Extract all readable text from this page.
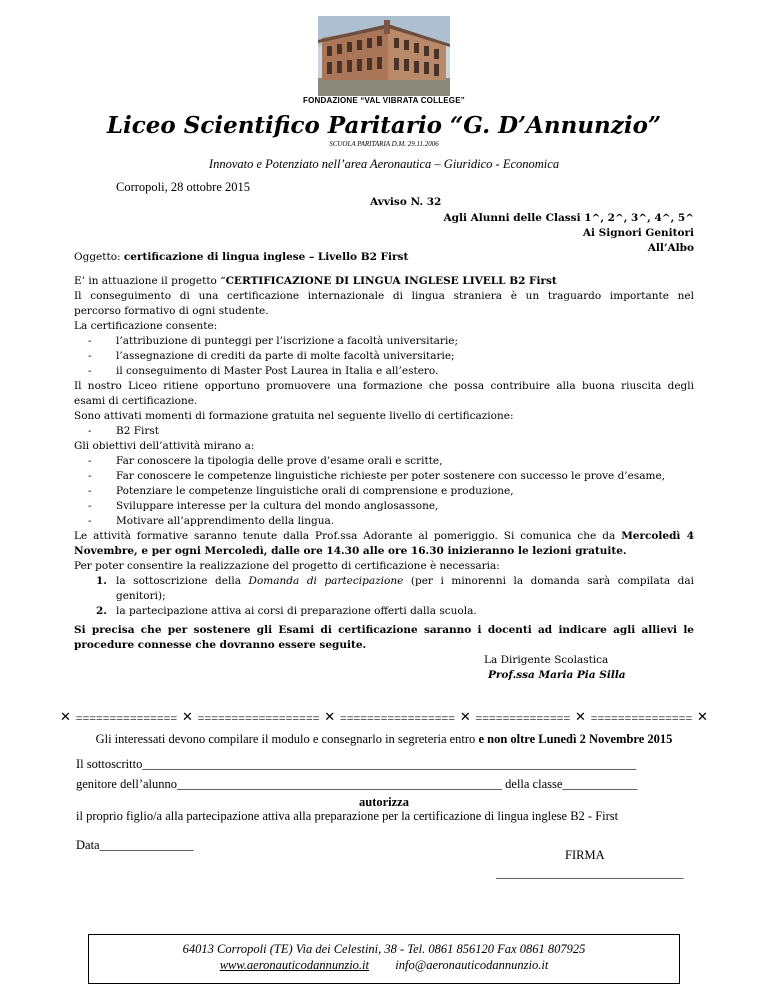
FONDAZIONE “VAL VIBRATA COLLEGE”
Liceo Scientifico Paritario “G. D’Annunzio”
SCUOLA PARITARIA D.M. 29.11.2006
Innovato e Potenziato nell’area Aeronautica – Giuridico - Economica
Corropoli, 28 ottobre 2015
Avviso N. 32
Agli Alunni delle Classi 1^, 2^, 3^, 4^, 5^
Ai Signori Genitori
All’Albo
Oggetto: certificazione di lingua inglese – Livello B2 First
E’ in attuazione il progetto “CERTIFICAZIONE DI LINGUA INGLESE LIVELL B2 First
Il conseguimento di una certificazione internazionale di lingua straniera è un traguardo importante nel
percorso formativo di ogni studente.
La certificazione consente:
- l’attribuzione di punteggi per l’iscrizione a facoltà universitarie;
- l’assegnazione di crediti da parte di molte facoltà universitarie;
- il conseguimento di Master Post Laurea in Italia e all’estero.
Il nostro Liceo ritiene opportuno promuovere una formazione che possa contribuire alla buona riuscita degli
esami di certificazione.
Sono attivati momenti di formazione gratuita nel seguente livello di certificazione:
- B2 First
Gli obiettivi dell’attività mirano a:
- Far conoscere la tipologia delle prove d’esame orali e scritte,
- Far conoscere le competenze linguistiche richieste per poter sostenere con successo le prove d’esame,
- Potenziare le competenze linguistiche orali di comprensione e produzione,
- Sviluppare interesse per la cultura del mondo anglosassone,
- Motivare all’apprendimento della lingua.
Le attività formative saranno tenute dalla Prof.ssa Adorante al pomeriggio. Si comunica che da Mercoledì 4
Novembre, e per ogni Mercoledì, dalle ore 14.30 alle ore 16.30 inizieranno le lezioni gratuite.
Per poter consentire la realizzazione del progetto di certificazione è necessaria:
1. la sottoscrizione della Domanda di partecipazione (per i minorenni la domanda sarà compilata dai
genitori);
2. la partecipazione attiva ai corsi di preparazione offerti dalla scuola.
Si precisa che per sostenere gli Esami di certificazione saranno i docenti ad indicare agli allievi le
procedure connesse che dovranno essere seguite.
La Dirigente Scolastica
Prof.ssa Maria Pia Silla
✕ =============== ✕ ================== ✕ ================= ✕ ============== ✕ =============== ✕
Gli interessati devono compilare il modulo e consegnarlo in segreteria entro e non oltre Lunedì 2 Novembre 2015
Il sottoscritto_______________________________________________________________________________
genitore dell’alunno____________________________________________________ della classe____________
autorizza
il proprio figlio/a alla partecipazione attiva alla preparazione per la certificazione di lingua inglese B2 - First
Data_______________
FIRMA
______________________________
64013 Corropoli (TE) Via dei Celestini, 38 - Tel. 0861 856120 Fax 0861 807925
www.aeronauticodannunzio.it info@aeronauticodannunzio.it
